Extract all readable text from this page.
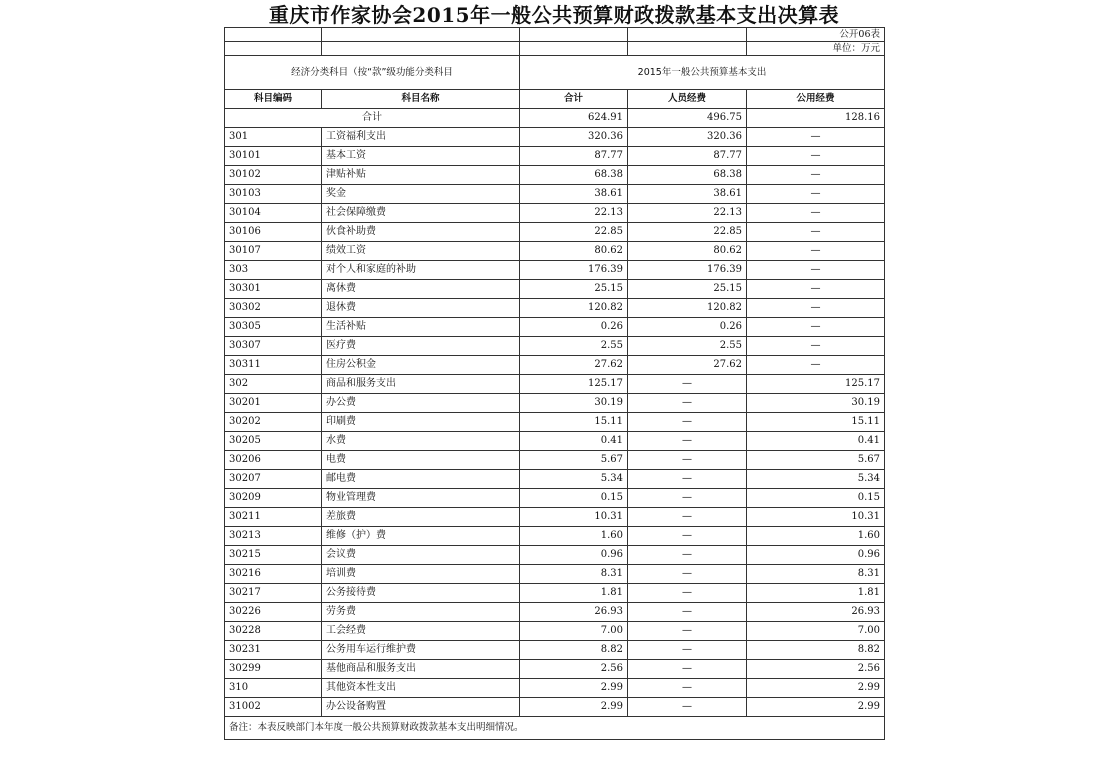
重庆市作家协会2015年一般公共预算财政拨款基本支出决算表
				公开06表
				单位：万元
经济分类科目（按“款”级功能分类科目		2015年一般公共预算基本支出		
科目编码	科目名称	合计	人员经费	公用经费
合计		624.91	496.75	128.16
301	工资福利支出	320.36	320.36	—
30101	基本工资	87.77	87.77	—
30102	津贴补贴	68.38	68.38	—
30103	奖金	38.61	38.61	—
30104	社会保障缴费	22.13	22.13	—
30106	伙食补助费	22.85	22.85	—
30107	绩效工资	80.62	80.62	—
303	对个人和家庭的补助	176.39	176.39	—
30301	离休费	25.15	25.15	—
30302	退休费	120.82	120.82	—
30305	生活补贴	0.26	0.26	—
30307	医疗费	2.55	2.55	—
30311	住房公积金	27.62	27.62	—
302	商品和服务支出	125.17	—	125.17
30201	办公费	30.19	—	30.19
30202	印刷费	15.11	—	15.11
30205	水费	0.41	—	0.41
30206	电费	5.67	—	5.67
30207	邮电费	5.34	—	5.34
30209	物业管理费	0.15	—	0.15
30211	差旅费	10.31	—	10.31
30213	维修（护）费	1.60	—	1.60
30215	会议费	0.96	—	0.96
30216	培训费	8.31	—	8.31
30217	公务接待费	1.81	—	1.81
30226	劳务费	26.93	—	26.93
30228	工会经费	7.00	—	7.00
30231	公务用车运行维护费	8.82	—	8.82
30299	基他商品和服务支出	2.56	—	2.56
310	其他资本性支出	2.99	—	2.99
31002	办公设备购置	2.99	—	2.99
备注：本表反映部门本年度一般公共预算财政拨款基本支出明细情况。				
